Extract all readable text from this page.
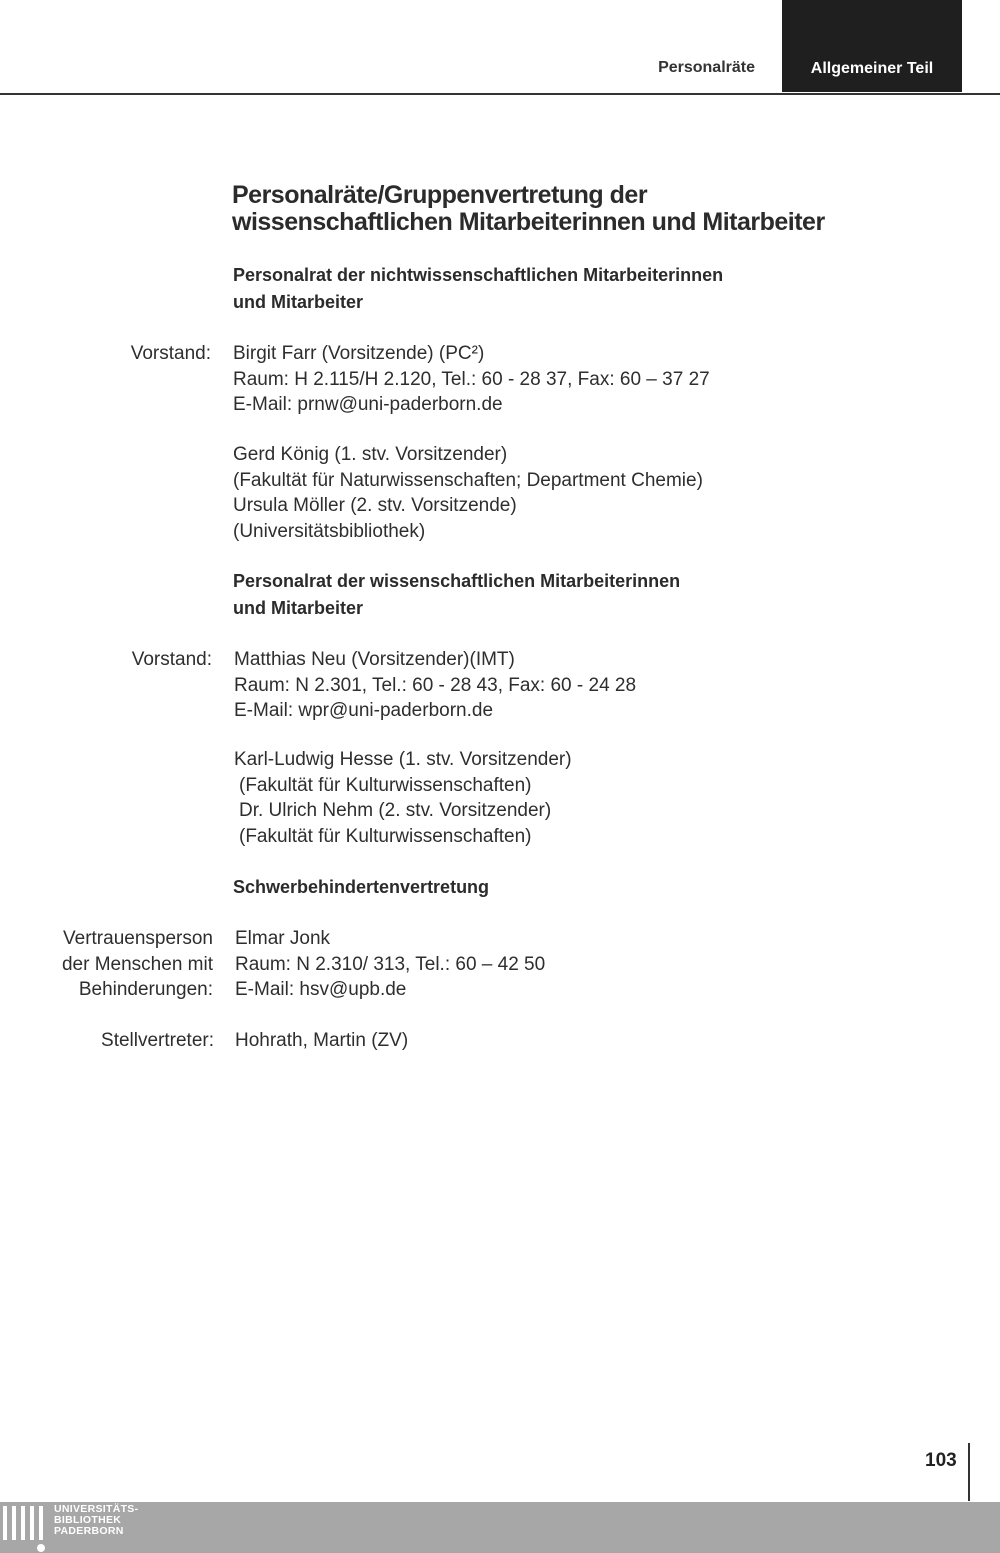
Personalräte	Allgemeiner Teil
Personalräte/Gruppenvertretung der
wissenschaftlichen Mitarbeiterinnen und Mitarbeiter
Personalrat der nichtwissenschaftlichen Mitarbeiterinnen
und Mitarbeiter
Vorstand: Birgit Farr (Vorsitzende) (PC²)
Raum: H 2.115/H 2.120, Tel.: 60 - 28 37, Fax: 60 – 37 27
E-Mail: prnw@uni-paderborn.de
Gerd König (1. stv. Vorsitzender)
(Fakultät für Naturwissenschaften; Department Chemie)
Ursula Möller (2. stv. Vorsitzende)
(Universitätsbibliothek)
Personalrat der wissenschaftlichen Mitarbeiterinnen
und Mitarbeiter
Vorstand: Matthias Neu (Vorsitzender)(IMT)
Raum: N 2.301, Tel.: 60 - 28 43, Fax: 60 - 24 28
E-Mail: wpr@uni-paderborn.de
Karl-Ludwig Hesse (1. stv. Vorsitzender)
(Fakultät für Kulturwissenschaften)
Dr. Ulrich Nehm (2. stv. Vorsitzender)
(Fakultät für Kulturwissenschaften)
Schwerbehindertenvertretung
Vertrauensperson
der Menschen mit
Behinderungen:
Elmar Jonk
Raum: N 2.310/ 313, Tel.: 60 – 42 50
E-Mail: hsv@upb.de
Stellvertreter: Hohrath, Martin (ZV)
103
UNIVERSITÄTS-
BIBLIOTHEK
PADERBORN
